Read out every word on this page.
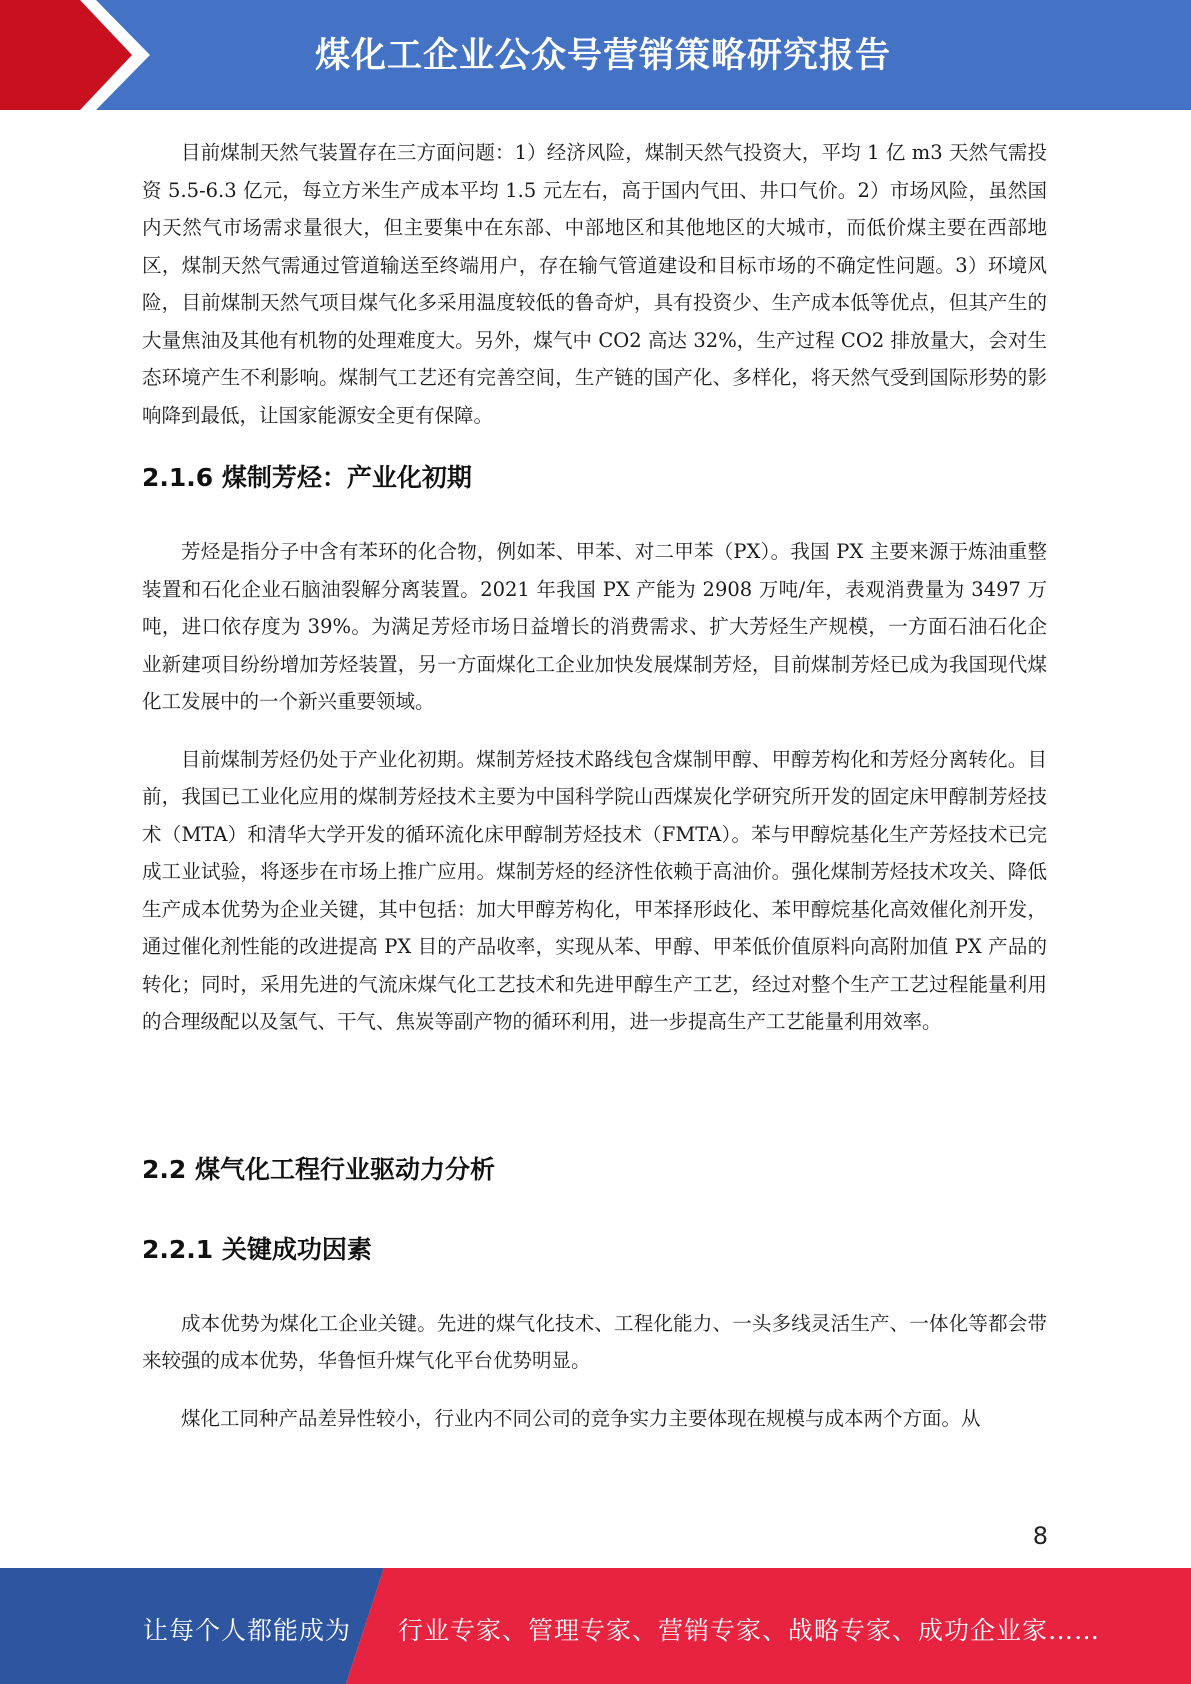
煤化工企业公众号营销策略研究报告

目前煤制天然气装置存在三方面问题：1）经济风险，煤制天然气投资大，平均 1 亿 m3 天然气需投资 5.5-6.3 亿元，每立方米生产成本平均 1.5 元左右，高于国内气田、井口气价。2）市场风险，虽然国内天然气市场需求量很大，但主要集中在东部、中部地区和其他地区的大城市，而低价煤主要在西部地区，煤制天然气需通过管道输送至终端用户，存在输气管道建设和目标市场的不确定性问题。3）环境风险，目前煤制天然气项目煤气化多采用温度较低的鲁奇炉，具有投资少、生产成本低等优点，但其产生的大量焦油及其他有机物的处理难度大。另外，煤气中 CO2 高达 32%，生产过程 CO2 排放量大，会对生态环境产生不利影响。煤制气工艺还有完善空间，生产链的国产化、多样化，将天然气受到国际形势的影响降到最低，让国家能源安全更有保障。

2.1.6 煤制芳烃：产业化初期

芳烃是指分子中含有苯环的化合物，例如苯、甲苯、对二甲苯（PX）。我国 PX 主要来源于炼油重整装置和石化企业石脑油裂解分离装置。2021 年我国 PX 产能为 2908 万吨/年，表观消费量为 3497 万吨，进口依存度为 39%。为满足芳烃市场日益增长的消费需求、扩大芳烃生产规模，一方面石油石化企业新建项目纷纷增加芳烃装置，另一方面煤化工企业加快发展煤制芳烃，目前煤制芳烃已成为我国现代煤化工发展中的一个新兴重要领域。

目前煤制芳烃仍处于产业化初期。煤制芳烃技术路线包含煤制甲醇、甲醇芳构化和芳烃分离转化。目前，我国已工业化应用的煤制芳烃技术主要为中国科学院山西煤炭化学研究所开发的固定床甲醇制芳烃技术（MTA）和清华大学开发的循环流化床甲醇制芳烃技术（FMTA）。苯与甲醇烷基化生产芳烃技术已完成工业试验，将逐步在市场上推广应用。煤制芳烃的经济性依赖于高油价。强化煤制芳烃技术攻关、降低生产成本优势为企业关键，其中包括：加大甲醇芳构化，甲苯择形歧化、苯甲醇烷基化高效催化剂开发，通过催化剂性能的改进提高 PX 目的产品收率，实现从苯、甲醇、甲苯低价值原料向高附加值 PX 产品的转化；同时，采用先进的气流床煤气化工艺技术和先进甲醇生产工艺，经过对整个生产工艺过程能量利用的合理级配以及氢气、干气、焦炭等副产物的循环利用，进一步提高生产工艺能量利用效率。

2.2 煤气化工程行业驱动力分析
2.2.1 关键成功因素

成本优势为煤化工企业关键。先进的煤气化技术、工程化能力、一头多线灵活生产、一体化等都会带来较强的成本优势，华鲁恒升煤气化平台优势明显。

煤化工同种产品差异性较小，行业内不同公司的竞争实力主要体现在规模与成本两个方面。从

8
让每个人都能成为 行业专家、管理专家、营销专家、战略专家、成功企业家……
